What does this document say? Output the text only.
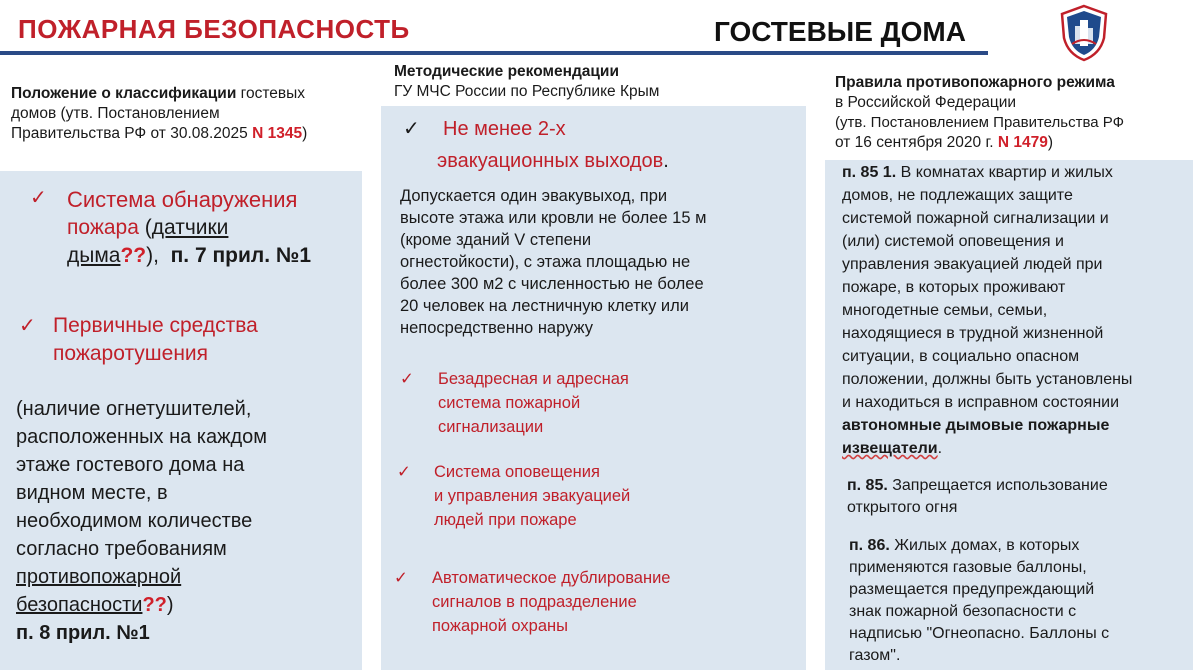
ПОЖАРНАЯ БЕЗОПАСНОСТЬ	ГОСТЕВЫЕ ДОМА
Положение о классификации гостевых
домов (утв. Постановлением
Правительства РФ от 30.08.2025 N 1345)
✓ Система обнаружения
пожара (датчики
дыма??), п. 7 прил. №1
✓ Первичные средства
пожаротушения
(наличие огнетушителей,
расположенных на каждом
этаже гостевого дома на
видном месте, в
необходимом количестве
согласно требованиям
противопожарной
безопасности??)
п. 8 прил. №1
Методические рекомендации
ГУ МЧС России по Республике Крым
✓ Не менее 2-х
эвакуационных выходов.
Допускается один эвакувыход, при
высоте этажа или кровли не более 15 м
(кроме зданий V степени
огнестойкости), с этажа площадью не
более 300 м2 с численностью не более
20 человек на лестничную клетку или
непосредственно наружу
✓ Безадресная и адресная
система пожарной
сигнализации
✓ Система оповещения
и управления эвакуацией
людей при пожаре
✓ Автоматическое дублирование
сигналов в подразделение
пожарной охраны
Правила противопожарного режима
в Российской Федерации
(утв. Постановлением Правительства РФ
от 16 сентября 2020 г. N 1479)
п. 85 1. В комнатах квартир и жилых
домов, не подлежащих защите
системой пожарной сигнализации и
(или) системой оповещения и
управления эвакуацией людей при
пожаре, в которых проживают
многодетные семьи, семьи,
находящиеся в трудной жизненной
ситуации, в социально опасном
положении, должны быть установлены
и находиться в исправном состоянии
автономные дымовые пожарные
извещатели.
п. 85. Запрещается использование
открытого огня
п. 86. Жилых домах, в которых
применяются газовые баллоны,
размещается предупреждающий
знак пожарной безопасности с
надписью "Огнеопасно. Баллоны с
газом".
